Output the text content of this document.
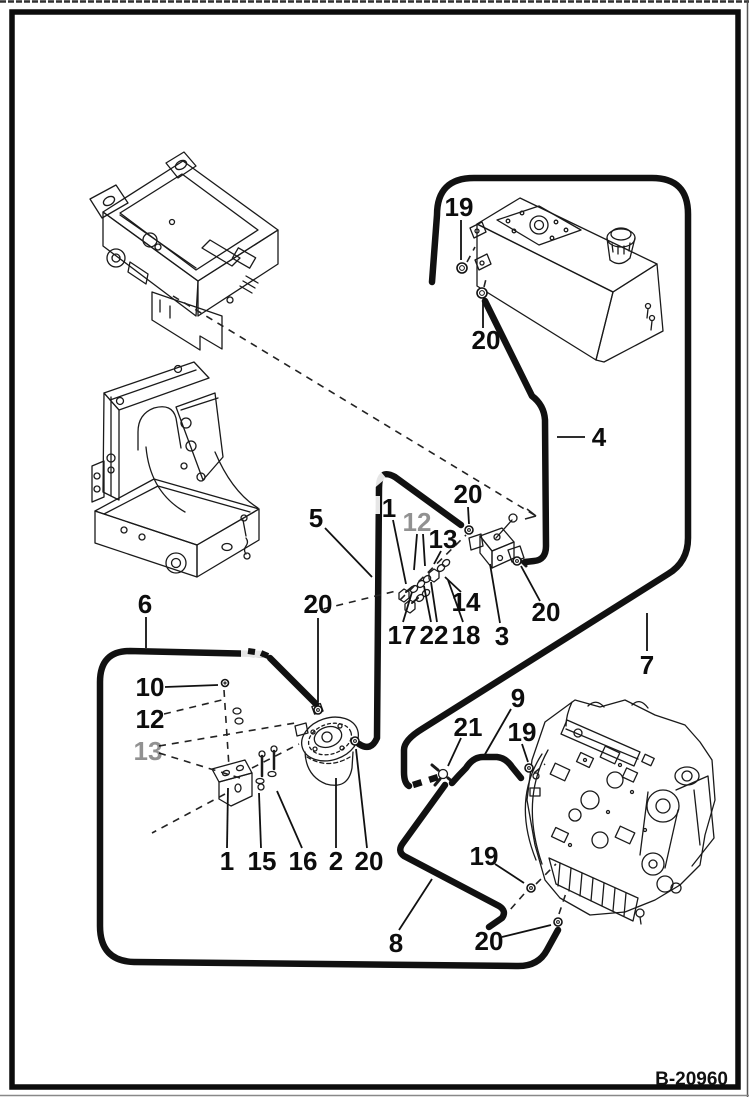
19
20
4
5 1 12
13
20
20
3
14
17 22 18
7
6	20
10
12
13
1 15 16 2 20
21
9
19
19
8	20
B-20960
